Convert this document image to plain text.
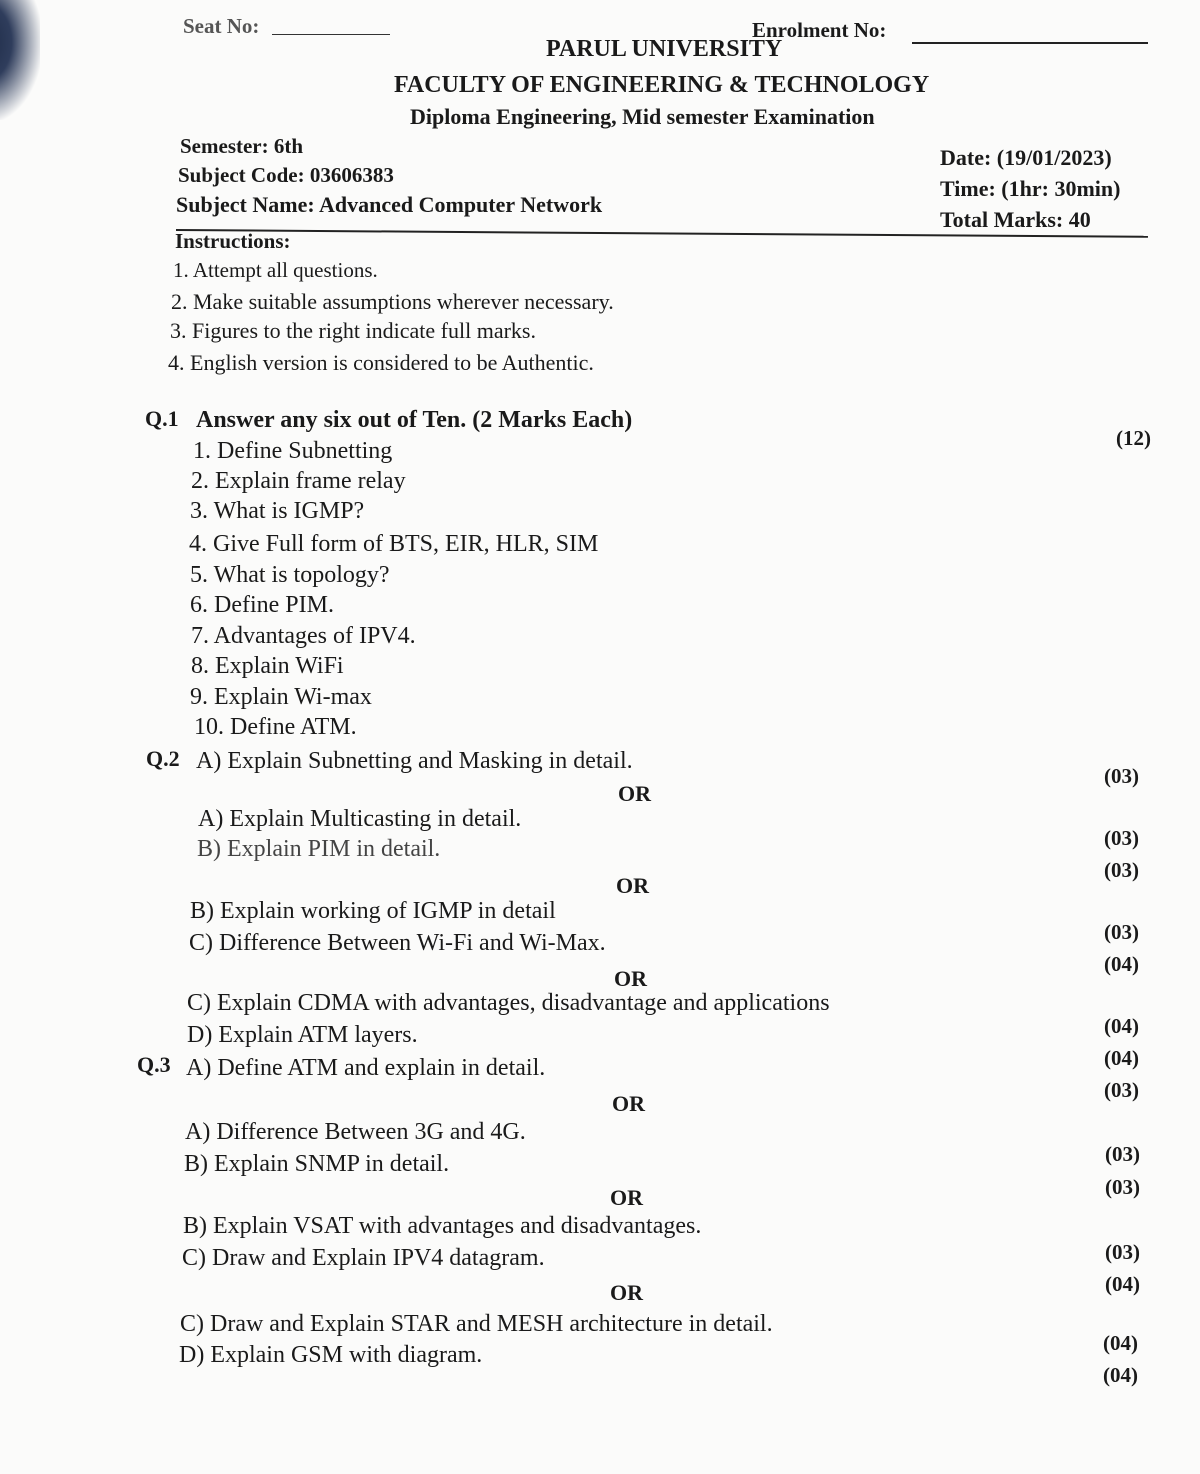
Seat No:	Enrolment No:
PARUL UNIVERSITY
FACULTY OF ENGINEERING & TECHNOLOGY
Diploma Engineering, Mid semester Examination
Semester: 6th
Subject Code: 03606383
Subject Name: Advanced Computer Network
Date: (19/01/2023)
Time: (1hr: 30min)
Total Marks: 40
Instructions:
1. Attempt all questions.
2. Make suitable assumptions wherever necessary.
3. Figures to the right indicate full marks.
4. English version is considered to be Authentic.
Q.1 Answer any six out of Ten. (2 Marks Each)
(12)
1. Define Subnetting
2. Explain frame relay
3. What is IGMP?
4. Give Full form of BTS, EIR, HLR, SIM
5. What is topology?
6. Define PIM.
7. Advantages of IPV4.
8. Explain WiFi
9. Explain Wi-max
10. Define ATM.
Q.2 A) Explain Subnetting and Masking in detail.
OR
A) Explain Multicasting in detail.
B) Explain PIM in detail.
OR
B) Explain working of IGMP in detail
C) Difference Between Wi-Fi and Wi-Max.
OR
C) Explain CDMA with advantages, disadvantage and applications
D) Explain ATM layers.
Q.3 A) Define ATM and explain in detail.
OR
A) Difference Between 3G and 4G.
B) Explain SNMP in detail.
OR
B) Explain VSAT with advantages and disadvantages.
C) Draw and Explain IPV4 datagram.
OR
C) Draw and Explain STAR and MESH architecture in detail.
D) Explain GSM with diagram.
(03)
(03)
(03)
(03)
(04)
(04)
(04)
(03)
(03)
(03)
(03)
(04)
(04)
(04)
